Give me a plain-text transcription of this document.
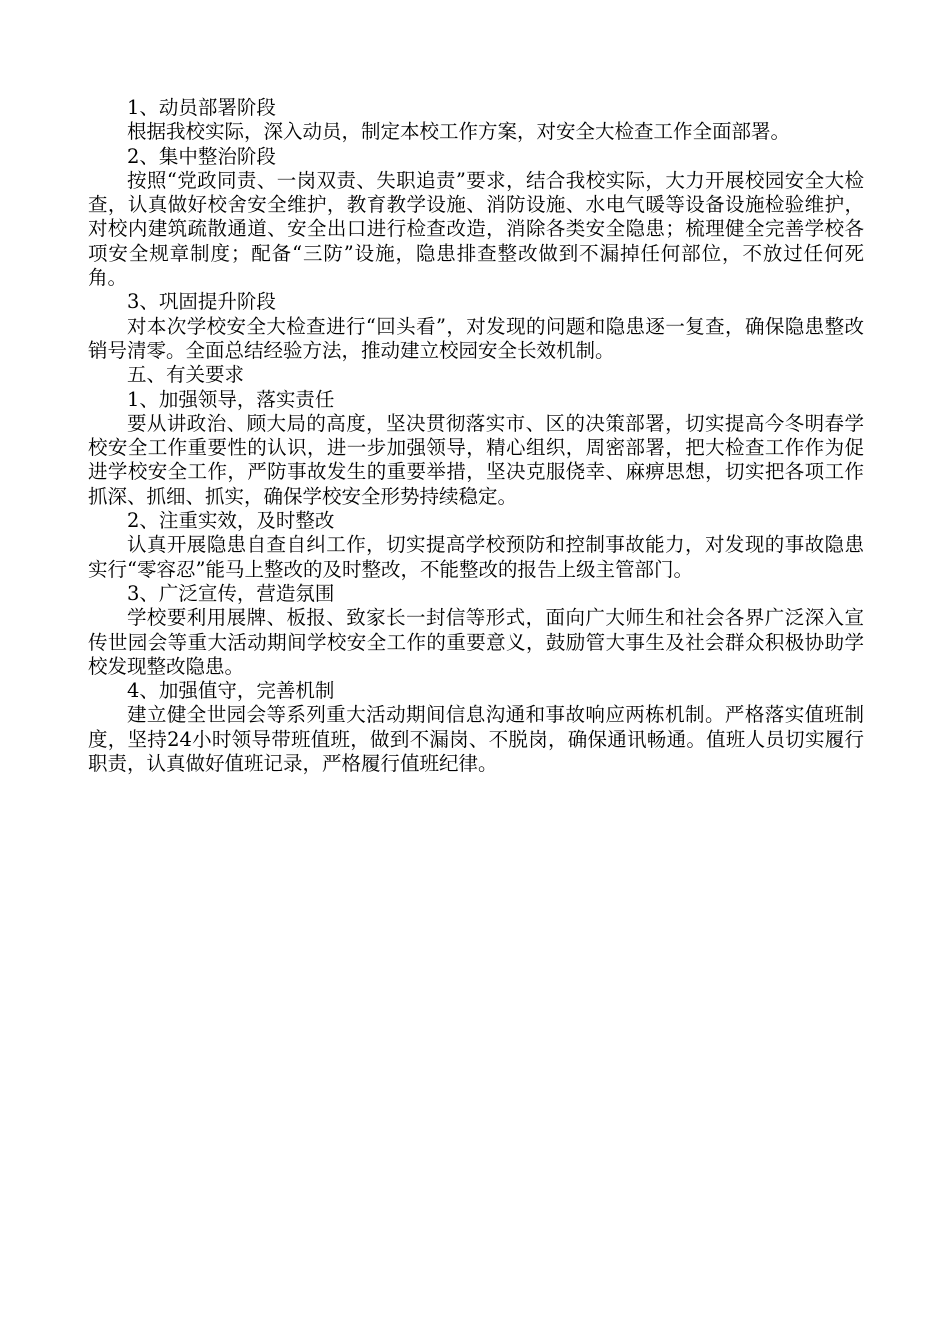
1、动员部署阶段

根据我校实际，深入动员，制定本校工作方案，对安全大检查工作全面部署。

2、集中整治阶段

按照“党政同责、一岗双责、失职追责”要求，结合我校实际，大力开展校园安全大检查，认真做好校舍安全维护，教育教学设施、消防设施、水电气暖等设备设施检验维护，对校内建筑疏散通道、安全出口进行检查改造，消除各类安全隐患；梳理健全完善学校各项安全规章制度；配备“三防”设施，隐患排查整改做到不漏掉任何部位，不放过任何死角。

3、巩固提升阶段

对本次学校安全大检查进行“回头看”，对发现的问题和隐患逐一复查，确保隐患整改销号清零。全面总结经验方法，推动建立校园安全长效机制。

五、有关要求

1、加强领导，落实责任

要从讲政治、顾大局的高度，坚决贯彻落实市、区的决策部署，切实提高今冬明春学校安全工作重要性的认识，进一步加强领导，精心组织，周密部署，把大检查工作作为促进学校安全工作，严防事故发生的重要举措，坚决克服侥幸、麻痹思想，切实把各项工作抓深、抓细、抓实，确保学校安全形势持续稳定。

2、注重实效，及时整改

认真开展隐患自查自纠工作，切实提高学校预防和控制事故能力，对发现的事故隐患实行“零容忍”能马上整改的及时整改，不能整改的报告上级主管部门。

3、广泛宣传，营造氛围

学校要利用展牌、板报、致家长一封信等形式，面向广大师生和社会各界广泛深入宣传世园会等重大活动期间学校安全工作的重要意义，鼓励管大事生及社会群众积极协助学校发现整改隐患。

4、加强值守，完善机制

建立健全世园会等系列重大活动期间信息沟通和事故响应两栋机制。严格落实值班制度，坚持24小时领导带班值班，做到不漏岗、不脱岗，确保通讯畅通。值班人员切实履行职责，认真做好值班记录，严格履行值班纪律。
